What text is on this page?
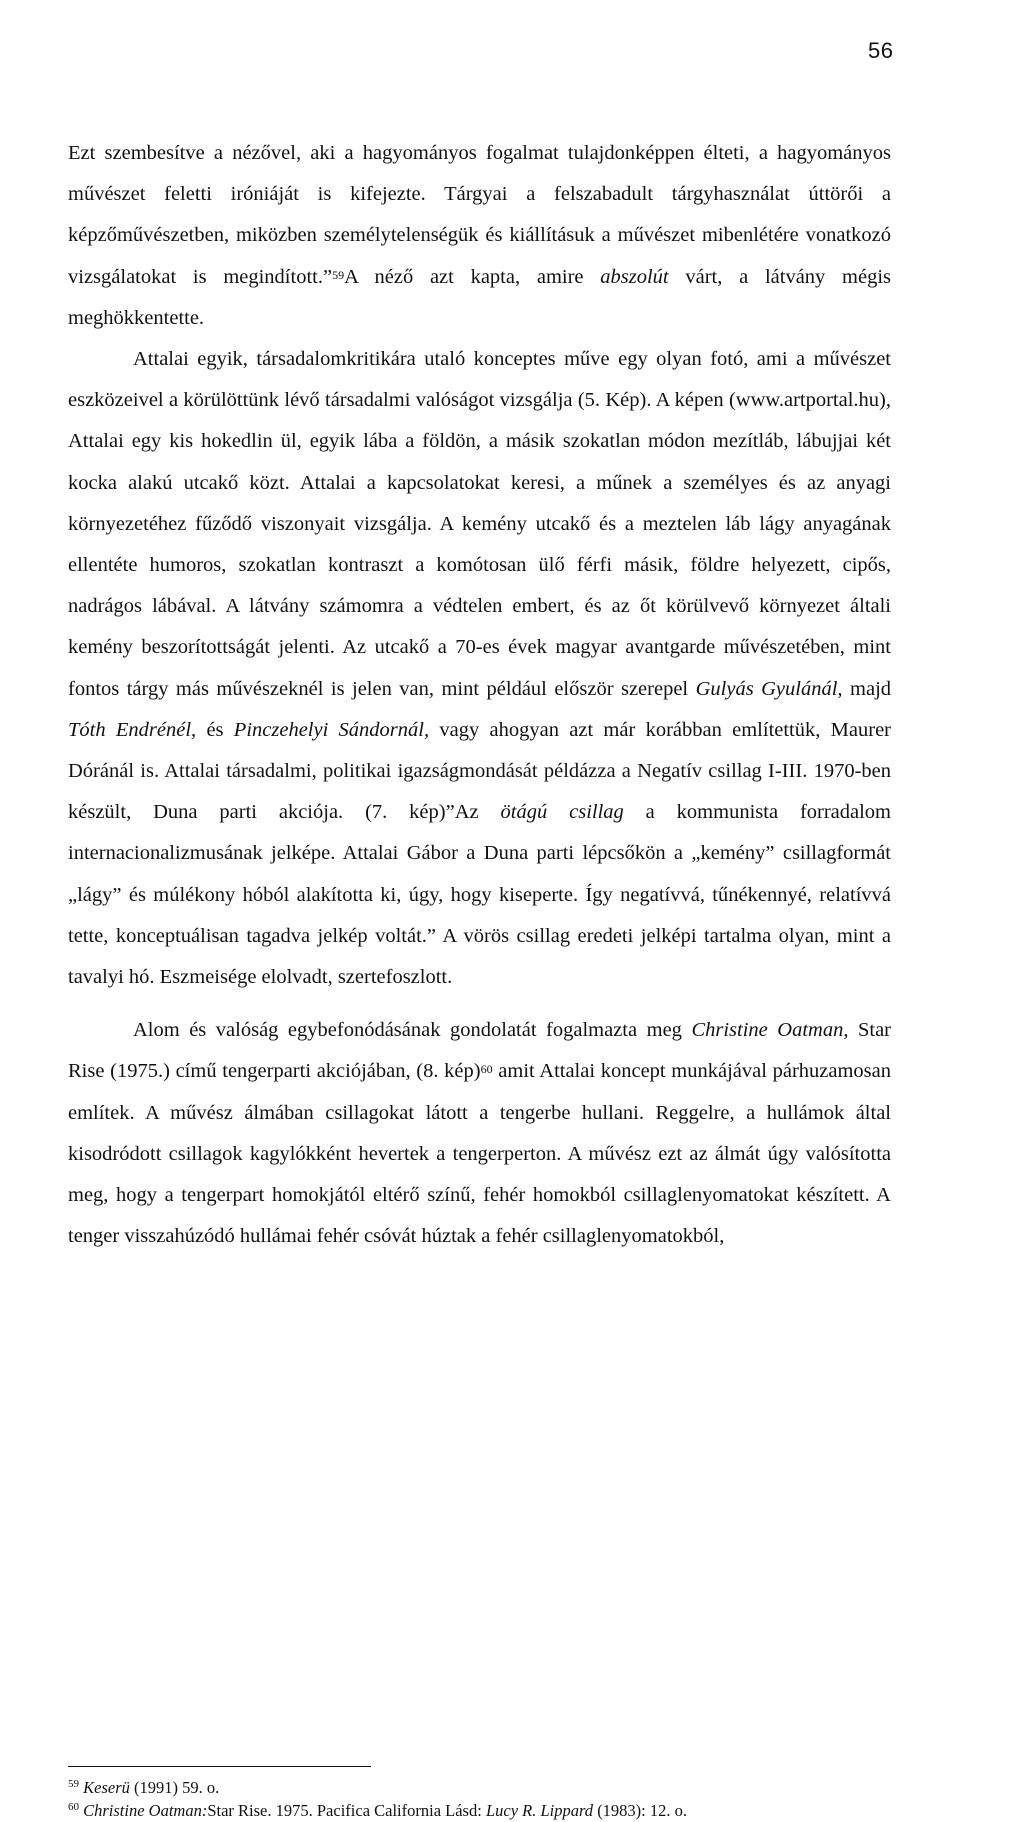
56

Ezt szembesítve a nézővel, aki a hagyományos fogalmat tulajdonképpen élteti, a hagyományos művészet feletti iróniáját is kifejezte. Tárgyai a felszabadult tárgyhasználat úttörői a képzőművészetben, miközben személytelenségük és kiállításuk a művészet mibenlétére vonatkozó vizsgálatokat is megindított.”$^{59}$A néző azt kapta, amire abszolút várt, a látvány mégis meghökkentette.

Attalai egyik, társadalomkritikára utaló konceptes műve egy olyan fotó, ami a művészet eszközeivel a körülöttünk lévő társadalmi valóságot vizsgálja (5. Kép). A képen (www.artportal.hu), Attalai egy kis hokedlin ül, egyik lába a földön, a másik szokatlan módon mezítláb, lábujjai két kocka alakú utcakő közt. Attalai a kapcsolatokat keresi, a műnek a személyes és az anyagi környezetéhez fűződő viszonyait vizsgálja. A kemény utcakő és a meztelen láb lágy anyagának ellentéte humoros, szokatlan kontraszt a komótosan ülő férfi másik, földre helyezett, cipős, nadrágos lábával. A látvány számomra a védtelen embert, és az őt körülvevő környezet általi kemény beszorítottságát jelenti. Az utcakő a 70-es évek magyar avantgarde művészetében, mint fontos tárgy más művészeknél is jelen van, mint például először szerepel Gulyás Gyulánál, majd Tóth Endrénél, és Pinczehelyi Sándornál, vagy ahogyan azt már korábban említettük, Maurer Dóránál is. Attalai társadalmi, politikai igazságmondását példázza a Negatív csillag I-III. 1970-ben készült, Duna parti akciója. (7. kép)”Az ötágú csillag a kommunista forradalom internacionalizmusának jelképe. Attalai Gábor a Duna parti lépcsőkön a „kemény” csillagformát „lágy” és múlékony hóból alakította ki, úgy, hogy kiseperte. Így negatívvá, tűnékennyé, relatívvá tette, konceptuálisan tagadva jelkép voltát.” A vörös csillag eredeti jelképi tartalma olyan, mint a tavalyi hó. Eszmeisége elolvadt, szertefoszlott.

Alom és valóság egybefonódásának gondolatát fogalmazta meg Christine Oatman, Star Rise (1975.) című tengerparti akciójában, (8. kép)$^{60}$ amit Attalai koncept munkájával párhuzamosan említek. A művész álmában csillagokat látott a tengerbe hullani. Reggelre, a hullámok által kisodródott csillagok kagylókként hevertek a tengerperton. A művész ezt az álmát úgy valósította meg, hogy a tengerpart homokjától eltérő színű, fehér homokból csillaglenyomatokat készített. A tenger visszahúzódó hullámai fehér csóvát húztak a fehér csillaglenyomatokból,

$^{59}$ Keserü (1991) 59. o.

$^{60}$ Christine Oatman:Star Rise. 1975. Pacifica California Lásd: Lucy R. Lippard (1983): 12. o.
